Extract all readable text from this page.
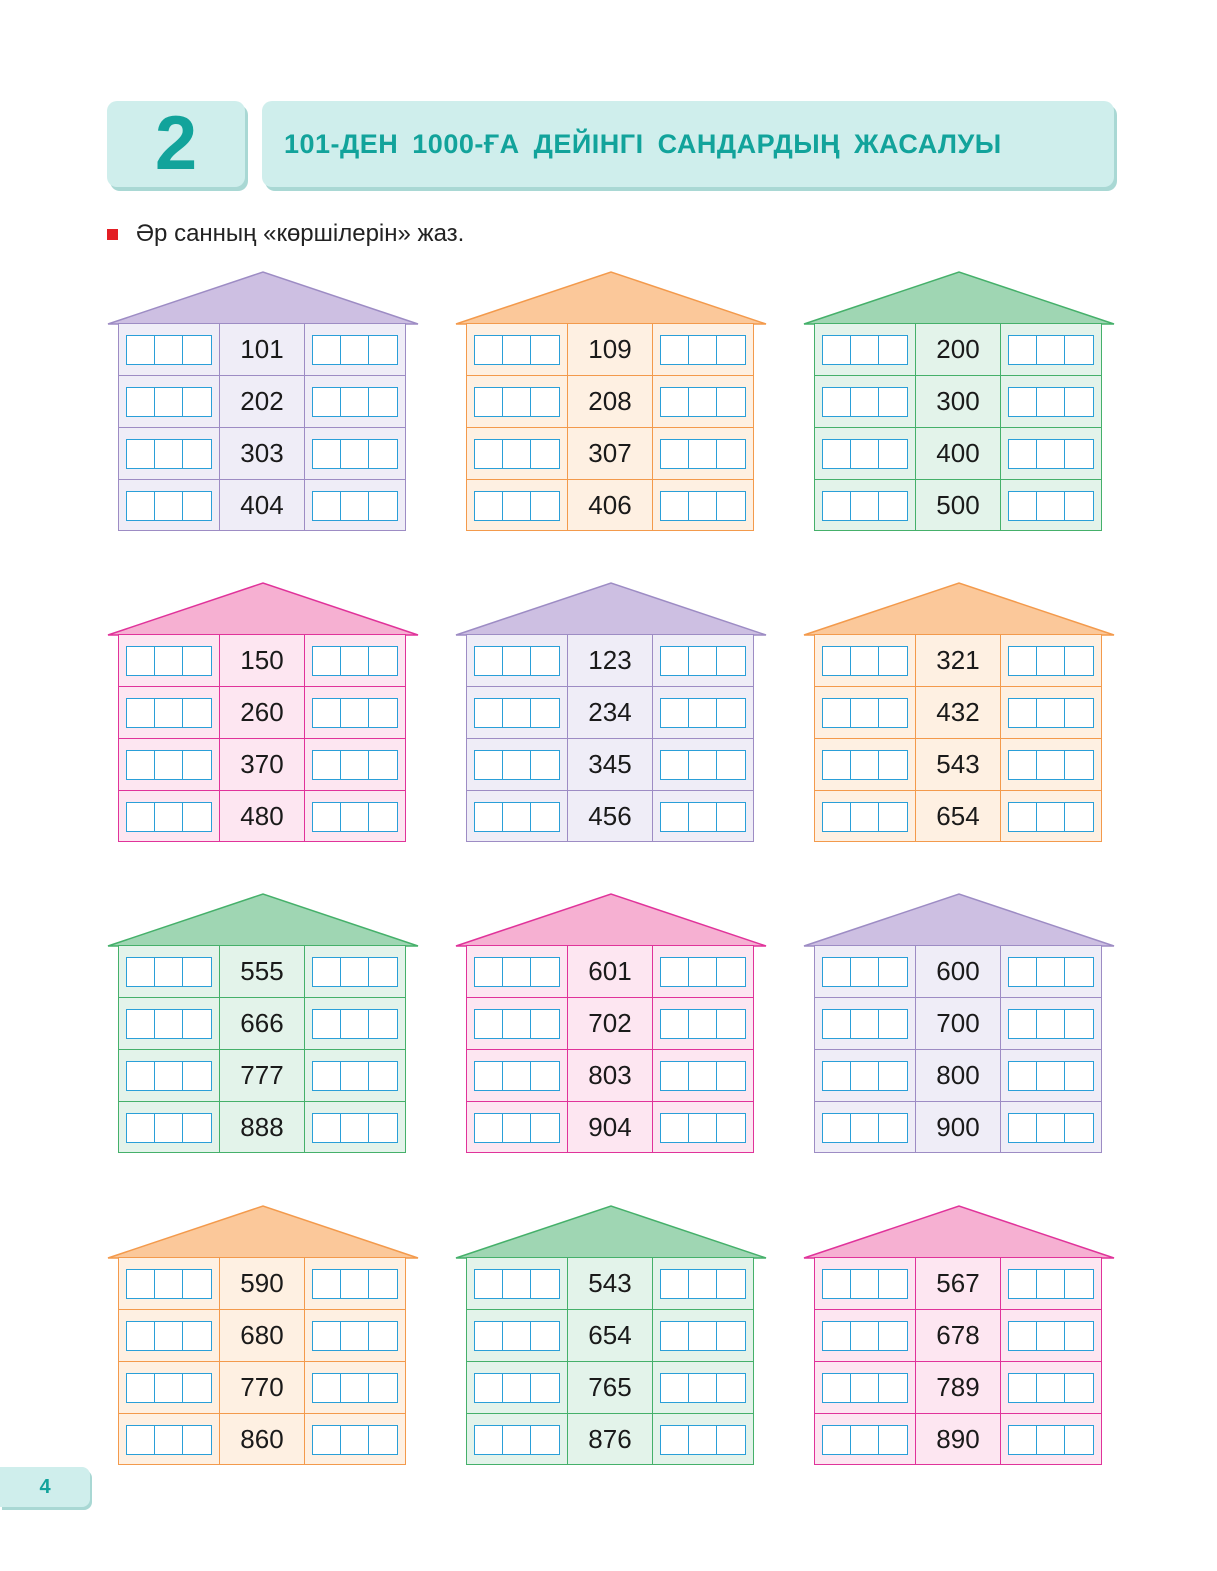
2	101-ДЕН 1000-ҒА ДЕЙІНГІ САНДАРДЫҢ ЖАСАЛУЫ
Әр санның «көршілерін» жаз.
101
202
303
404
109
208
307
406
200
300
400
500
150
260
370
480
123
234
345
456
321
432
543
654
555
666
777
888
601
702
803
904
600
700
800
900
590
680
770
860
543
654
765
876
567
678
789
890
4
